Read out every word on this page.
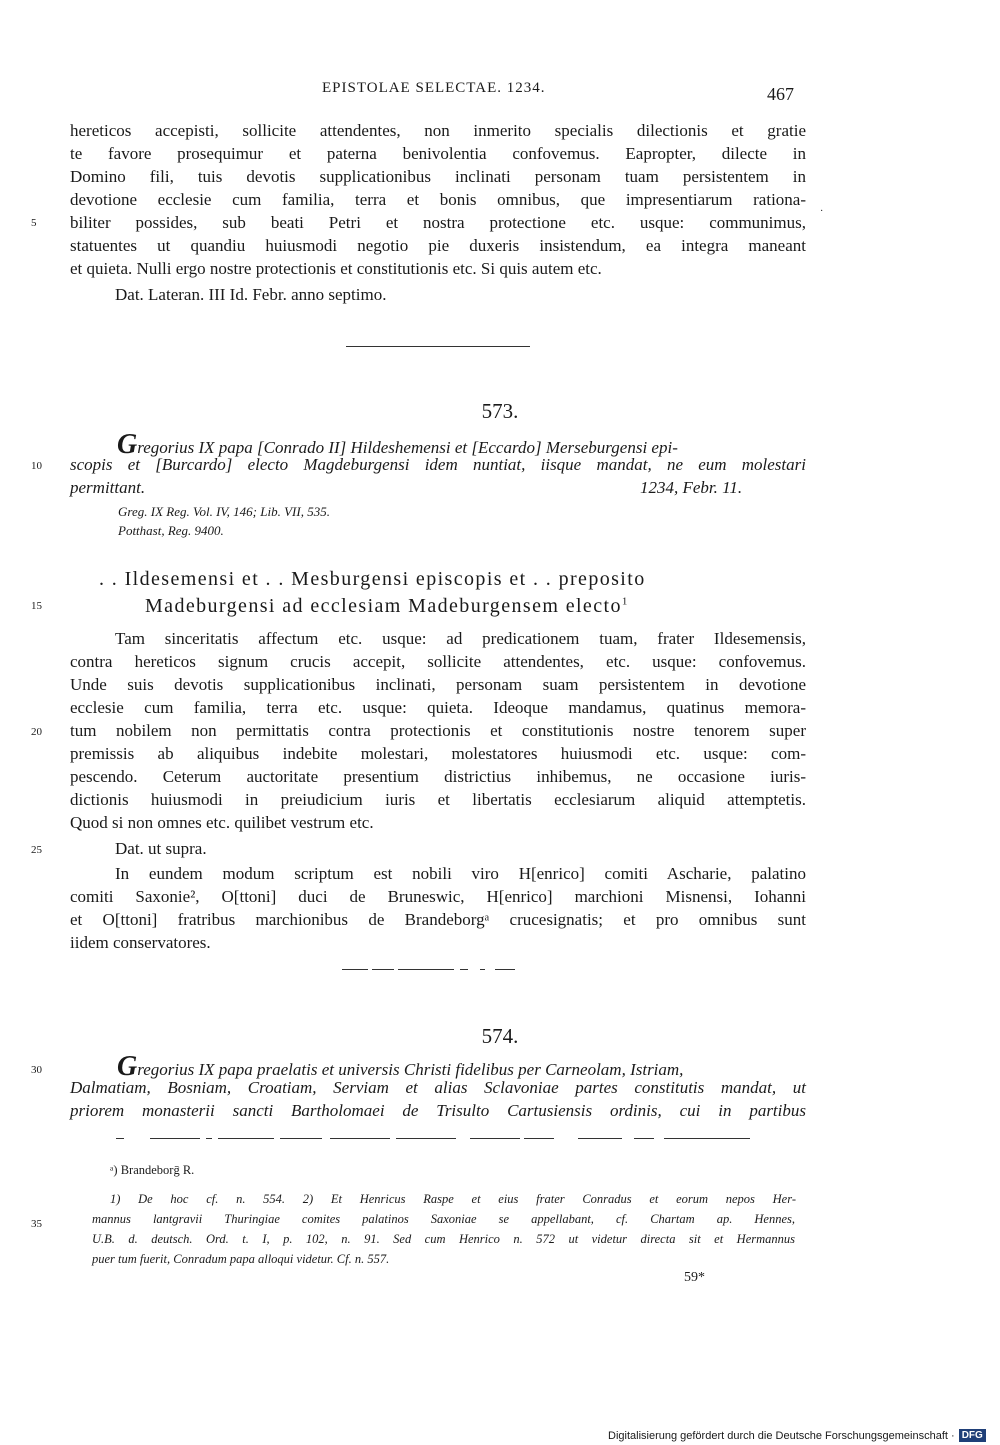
EPISTOLAE SELECTAE. 1234.	467
hereticos accepisti, sollicite attendentes, non inmerito specialis dilectionis et gratie
te favore prosequimur et paterna benivolentia confovemus. Eapropter, dilecte in
Domino fili, tuis devotis supplicationibus inclinati personam tuam persistentem in
devotione ecclesie cum familia, terra et bonis omnibus, que impresentiarum rationa-
biliter possides, sub beati Petri et nostra protectione etc. usque: communimus,
statuentes ut quandiu huiusmodi negotio pie duxeris insistendum, ea integra maneant
et quieta. Nulli ergo nostre protectionis et constitutionis etc. Si quis autem etc.
Dat. Lateran. III Id. Febr. anno septimo.
573.
Gregorius IX papa [Conrado II] Hildeshemensi et [Eccardo] Merseburgensi epi-
scopis et [Burcardo] electo Magdeburgensi idem nuntiat, iisque mandat, ne eum molestari
permittant.	1234, Febr. 11.
Greg. IX Reg. Vol. IV, 146; Lib. VII, 535.
Potthast, Reg. 9400.
. . Ildesemensi et . . Mesburgensi episcopis et . . preposito
Madeburgensi ad ecclesiam Madeburgensem electo$^1$
Tam sinceritatis affectum etc. usque: ad predicationem tuam, frater Ildesemensis,
contra hereticos signum crucis accepit, sollicite attendentes, etc. usque: confovemus.
Unde suis devotis supplicationibus inclinati, personam suam persistentem in devotione
ecclesie cum familia, terra etc. usque: quieta. Ideoque mandamus, quatinus memora-
tum nobilem non permittatis contra protectionis et constitutionis nostre tenorem super
premissis ab aliquibus indebite molestari, molestatores huiusmodi etc. usque: com-
pescendo. Ceterum auctoritate presentium districtius inhibemus, ne occasione iuris-
dictionis huiusmodi in preiudicium iuris et libertatis ecclesiarum aliquid attemptetis.
Quod si non omnes etc. quilibet vestrum etc.
Dat. ut supra.
In eundem modum scriptum est nobili viro H[enrico] comiti Ascharie, palatino
comiti Saxonie², O[ttoni] duci de Bruneswic, H[enrico] marchioni Misnensi, Iohanni
et O[ttoni] fratribus marchionibus de Brandeborgᵃ crucesignatis; et pro omnibus sunt
iidem conservatores.
574.
Gregorius IX papa praelatis et universis Christi fidelibus per Carneolam, Istriam,
Dalmatiam, Bosniam, Croatiam, Serviam et alias Sclavoniae partes constitutis mandat, ut
priorem monasterii sancti Bartholomaei de Trisulto Cartusiensis ordinis, cui in partibus
ᵃ) Brandeborḡ R.
1) De hoc cf. n. 554. 2) Et Henricus Raspe et eius frater Conradus et eorum nepos Her-
mannus lantgravii Thuringiae comites palatinos Saxoniae se appellabant, cf. Chartam ap. Hennes,
U.B. d. deutsch. Ord. t. I, p. 102, n. 91. Sed cum Henrico n. 572 ut videtur directa sit et Hermannus
puer tum fuerit, Conradum papa alloqui videtur. Cf. n. 557.
59*
5
10
15
20
25
30
35
·
Digitalisierung gefördert durch die Deutsche Forschungsgemeinschaft · DFG
